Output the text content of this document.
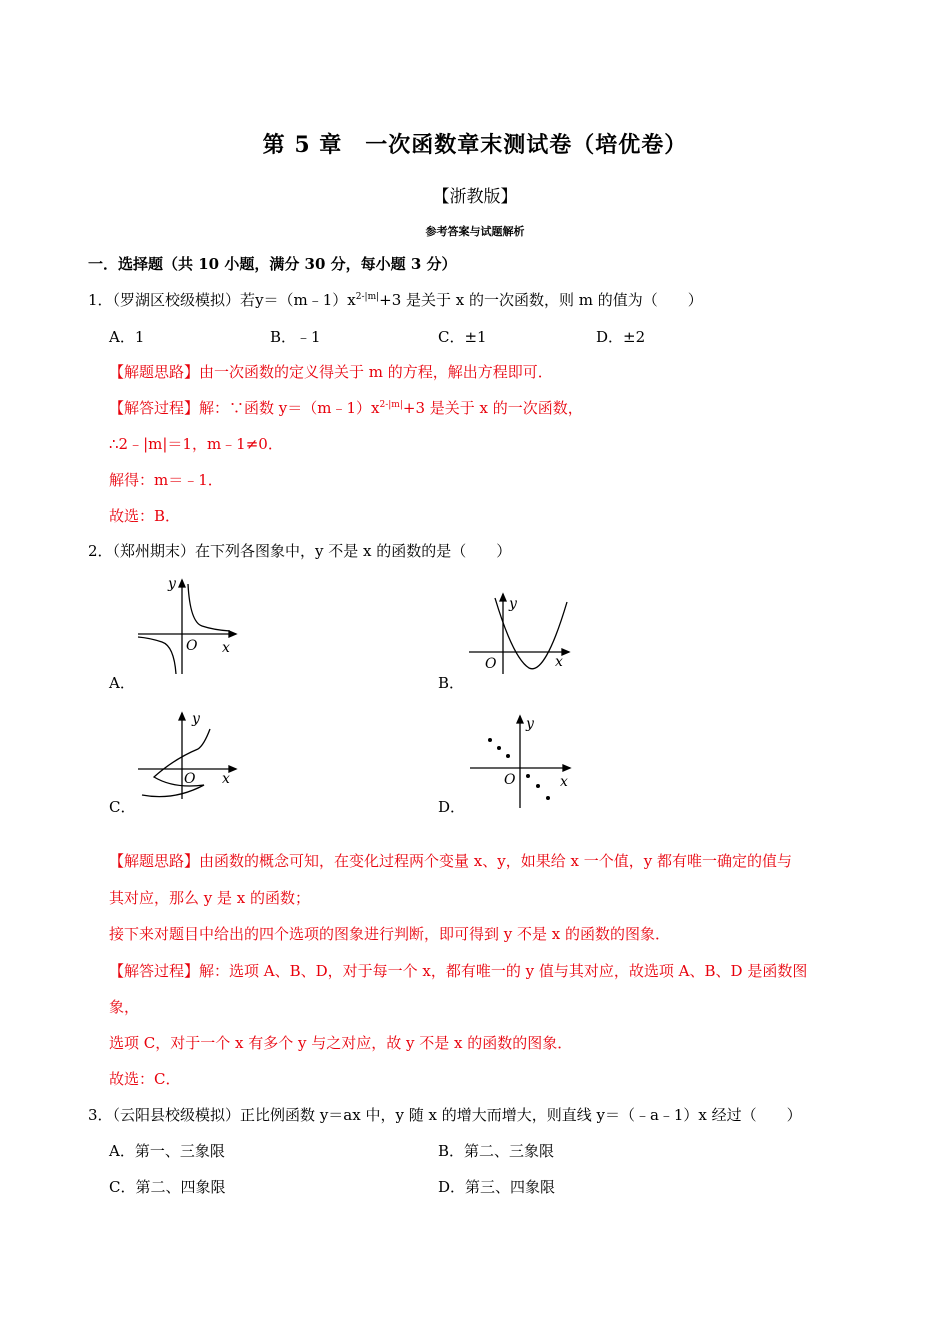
第 5 章　一次函数章末测试卷（培优卷）
【浙教版】
参考答案与试题解析
一．选择题（共 10 小题，满分 30 分，每小题 3 分）
1．（罗湖区校级模拟）若$y=(m﹣1)x^{2-|m|}+3$ 是关于 x 的一次函数，则 m 的值为（　　）
A．1	B．﹣1	C．±1	D．±2
【解题思路】由一次函数的定义得关于 m 的方程，解出方程即可．
【解答过程】解：∵函数 $y=(m﹣1)x^{2-|m|}+3$ 是关于 x 的一次函数，
∴2﹣|m|＝1，m﹣1≠0．
解得：m＝﹣1．
故选：B．
2．（郑州期末）在下列各图象中，y 不是 x 的函数的是（　　）
y
x
O
A．
y
x
O
B．
y
x
O
C．
y
x
O
D．
【解题思路】由函数的概念可知，在变化过程两个变量 x、y，如果给 x 一个值，y 都有唯一确定的值与
其对应，那么 y 是 x 的函数；
接下来对题目中给出的四个选项的图象进行判断，即可得到 y 不是 x 的函数的图象．
【解答过程】解：选项 A、B、D，对于每一个 x，都有唯一的 y 值与其对应，故选项 A、B、D 是函数图
象，
选项 C，对于一个 x 有多个 y 与之对应，故 y 不是 x 的函数的图象．
故选：C．
3．（云阳县校级模拟）正比例函数 y＝ax 中，y 随 x 的增大而增大，则直线 y＝（﹣a﹣1）x 经过（　　）
A．第一、三象限	B．第二、三象限
C．第二、四象限	D．第三、四象限
